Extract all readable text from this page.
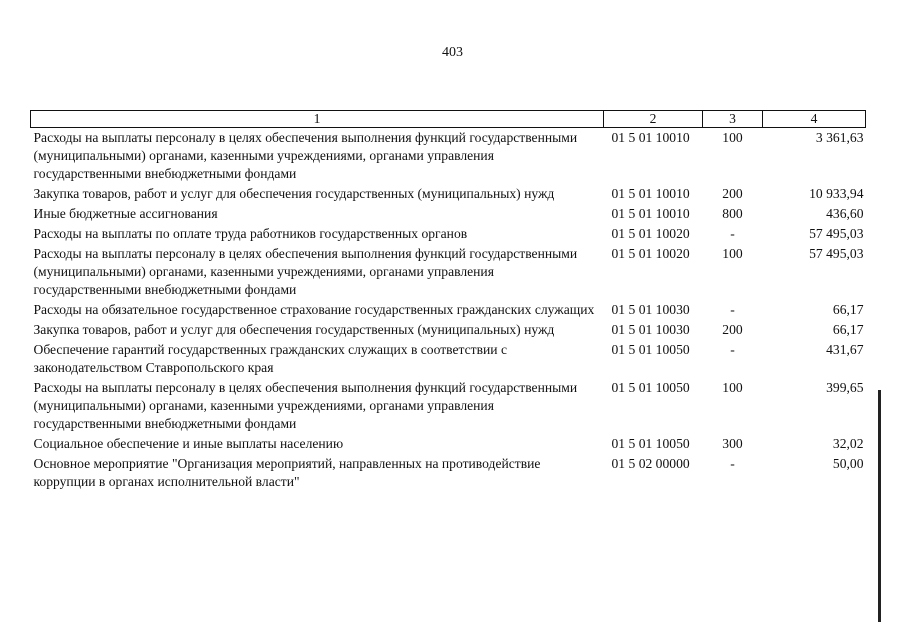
403
1	2	3	4
Расходы на выплаты персоналу в целях обеспечения выполнения функций государственными (муниципальными) органами, казенными учреждениями, органами управления государственными внебюджетными фондами	01 5 01 10010	100	3 361,63
Закупка товаров, работ и услуг для обеспечения государственных (муниципальных) нужд	01 5 01 10010	200	10 933,94
Иные бюджетные ассигнования	01 5 01 10010	800	436,60
Расходы на выплаты по оплате труда работников государственных органов	01 5 01 10020	-	57 495,03
Расходы на выплаты персоналу в целях обеспечения выполнения функций государственными (муниципальными) органами, казенными учреждениями, органами управления государственными внебюджетными фондами	01 5 01 10020	100	57 495,03
Расходы на обязательное государственное страхование государственных гражданских служащих	01 5 01 10030	-	66,17
Закупка товаров, работ и услуг для обеспечения государственных (муниципальных) нужд	01 5 01 10030	200	66,17
Обеспечение гарантий государственных гражданских служащих в соответствии с законодательством Ставропольского края	01 5 01 10050	-	431,67
Расходы на выплаты персоналу в целях обеспечения выполнения функций государственными (муниципальными) органами, казенными учреждениями, органами управления государственными внебюджетными фондами	01 5 01 10050	100	399,65
Социальное обеспечение и иные выплаты населению	01 5 01 10050	300	32,02
Основное мероприятие "Организация мероприятий, направленных на противодействие коррупции в органах исполнительной власти"	01 5 02 00000	-	50,00
